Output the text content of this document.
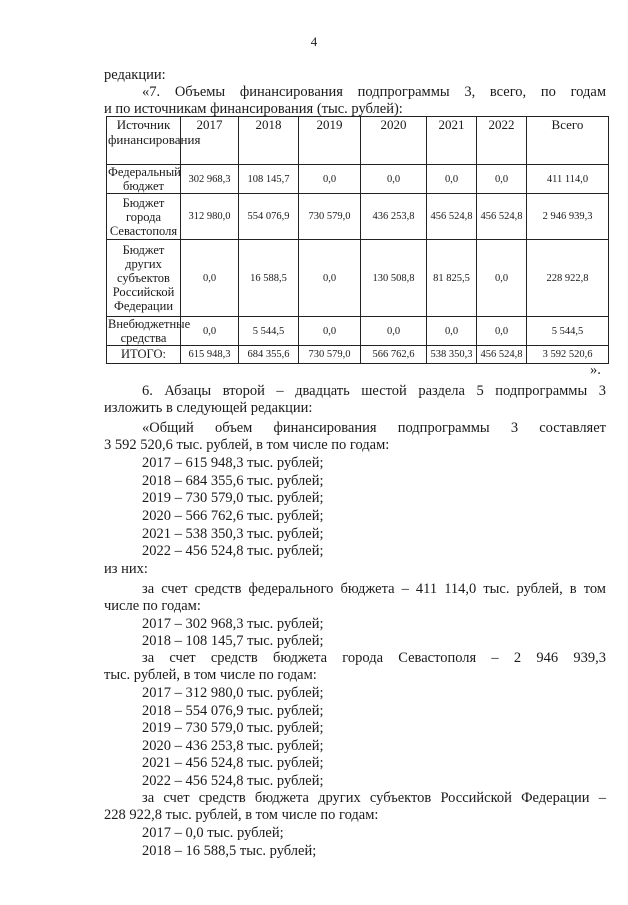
4
редакции:
«7. Объемы финансирования подпрограммы 3, всего, по годам
и по источникам финансирования (тыс. рублей):
Источник финансирования	2017	2018	2019	2020	2021	2022	Всего
Федеральный бюджет	302 968,3	108 145,7	0,0	0,0	0,0	0,0	411 114,0
Бюджет города Севастополя	312 980,0	554 076,9	730 579,0	436 253,8	456 524,8	456 524,8	2 946 939,3
Бюджет других субъектов Российской Федерации	0,0	16 588,5	0,0	130 508,8	81 825,5	0,0	228 922,8
Внебюджетные средства	0,0	5 544,5	0,0	0,0	0,0	0,0	5 544,5
ИТОГО:	615 948,3	684 355,6	730 579,0	566 762,6	538 350,3	456 524,8	3 592 520,6
».
6. Абзацы второй – двадцать шестой раздела 5 подпрограммы 3
изложить в следующей редакции:
«Общий объем финансирования подпрограммы 3 составляет
3 592 520,6 тыс. рублей, в том числе по годам:
2017 – 615 948,3 тыс. рублей;
2018 – 684 355,6 тыс. рублей;
2019 – 730 579,0 тыс. рублей;
2020 – 566 762,6 тыс. рублей;
2021 – 538 350,3 тыс. рублей;
2022 – 456 524,8 тыс. рублей;
из них:
за счет средств федерального бюджета – 411 114,0 тыс. рублей, в том
числе по годам:
2017 – 302 968,3 тыс. рублей;
2018 – 108 145,7 тыс. рублей;
за счет средств бюджета города Севастополя – 2 946 939,3
тыс. рублей, в том числе по годам:
2017 – 312 980,0 тыс. рублей;
2018 – 554 076,9 тыс. рублей;
2019 – 730 579,0 тыс. рублей;
2020 – 436 253,8 тыс. рублей;
2021 – 456 524,8 тыс. рублей;
2022 – 456 524,8 тыс. рублей;
за счет средств бюджета других субъектов Российской Федерации –
228 922,8 тыс. рублей, в том числе по годам:
2017 – 0,0 тыс. рублей;
2018 – 16 588,5 тыс. рублей;
